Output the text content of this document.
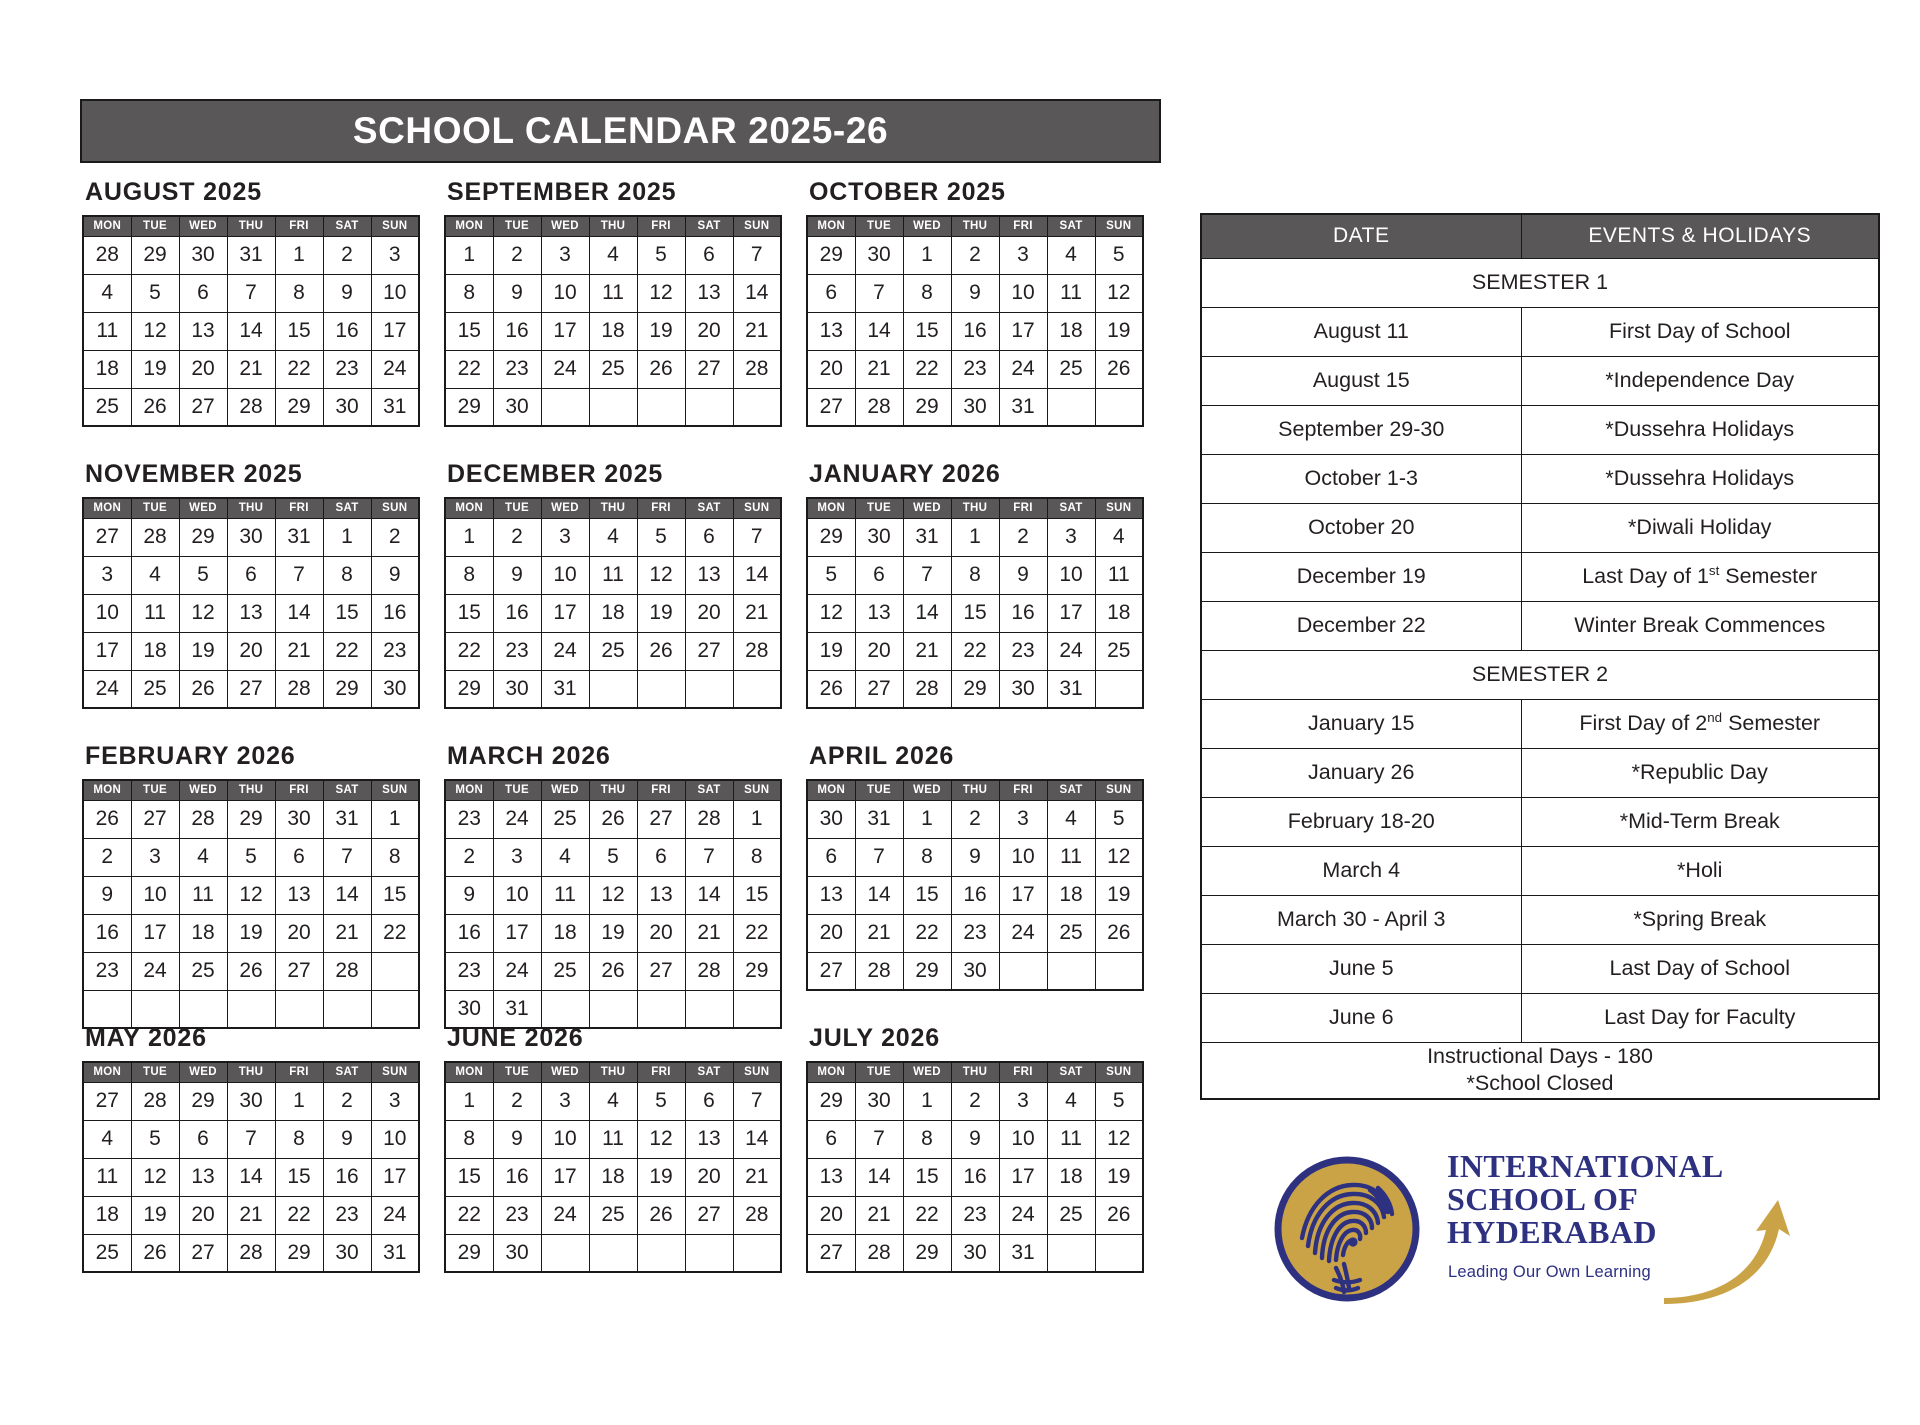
SCHOOL CALENDAR 2025-26
AUGUST 2025
MON	TUE	WED	THU	FRI	SAT	SUN
28	29	30	31	1	2	3
4	5	6	7	8	9	10
11	12	13	14	15	16	17
18	19	20	21	22	23	24
25	26	27	28	29	30	31
SEPTEMBER 2025
MON	TUE	WED	THU	FRI	SAT	SUN
1	2	3	4	5	6	7
8	9	10	11	12	13	14
15	16	17	18	19	20	21
22	23	24	25	26	27	28
29	30					
OCTOBER 2025
MON	TUE	WED	THU	FRI	SAT	SUN
29	30	1	2	3	4	5
6	7	8	9	10	11	12
13	14	15	16	17	18	19
20	21	22	23	24	25	26
27	28	29	30	31		
NOVEMBER 2025
MON	TUE	WED	THU	FRI	SAT	SUN
27	28	29	30	31	1	2
3	4	5	6	7	8	9
10	11	12	13	14	15	16
17	18	19	20	21	22	23
24	25	26	27	28	29	30
DECEMBER 2025
MON	TUE	WED	THU	FRI	SAT	SUN
1	2	3	4	5	6	7
8	9	10	11	12	13	14
15	16	17	18	19	20	21
22	23	24	25	26	27	28
29	30	31				
JANUARY 2026
MON	TUE	WED	THU	FRI	SAT	SUN
29	30	31	1	2	3	4
5	6	7	8	9	10	11
12	13	14	15	16	17	18
19	20	21	22	23	24	25
26	27	28	29	30	31	
FEBRUARY 2026
MON	TUE	WED	THU	FRI	SAT	SUN
26	27	28	29	30	31	1
2	3	4	5	6	7	8
9	10	11	12	13	14	15
16	17	18	19	20	21	22
23	24	25	26	27	28	

MARCH 2026
MON	TUE	WED	THU	FRI	SAT	SUN
23	24	25	26	27	28	1
2	3	4	5	6	7	8
9	10	11	12	13	14	15
16	17	18	19	20	21	22
23	24	25	26	27	28	29
30	31					
APRIL 2026
MON	TUE	WED	THU	FRI	SAT	SUN
30	31	1	2	3	4	5
6	7	8	9	10	11	12
13	14	15	16	17	18	19
20	21	22	23	24	25	26
27	28	29	30			
MAY 2026
MON	TUE	WED	THU	FRI	SAT	SUN
27	28	29	30	1	2	3
4	5	6	7	8	9	10
11	12	13	14	15	16	17
18	19	20	21	22	23	24
25	26	27	28	29	30	31
JUNE 2026
MON	TUE	WED	THU	FRI	SAT	SUN
1	2	3	4	5	6	7
8	9	10	11	12	13	14
15	16	17	18	19	20	21
22	23	24	25	26	27	28
29	30					
JULY 2026
MON	TUE	WED	THU	FRI	SAT	SUN
29	30	1	2	3	4	5
6	7	8	9	10	11	12
13	14	15	16	17	18	19
20	21	22	23	24	25	26
27	28	29	30	31		
DATE	EVENTS & HOLIDAYS
SEMESTER 1	
August 11	First Day of School
August 15	*Independence Day
September 29-30	*Dussehra Holidays
October 1-3	*Dussehra Holidays
October 20	*Diwali Holiday
December 19	Last Day of 1st Semester
December 22	Winter Break Commences
SEMESTER 2	
January 15	First Day of 2nd Semester
January 26	*Republic Day
February 18-20	*Mid-Term Break
March 4	*Holi
March 30 - April 3	*Spring Break
June 5	Last Day of School
June 6	Last Day for Faculty

Instructional Days - 180
*School Closed	
INTERNATIONAL
SCHOOL OF
HYDERABAD
Leading Our Own Learning
